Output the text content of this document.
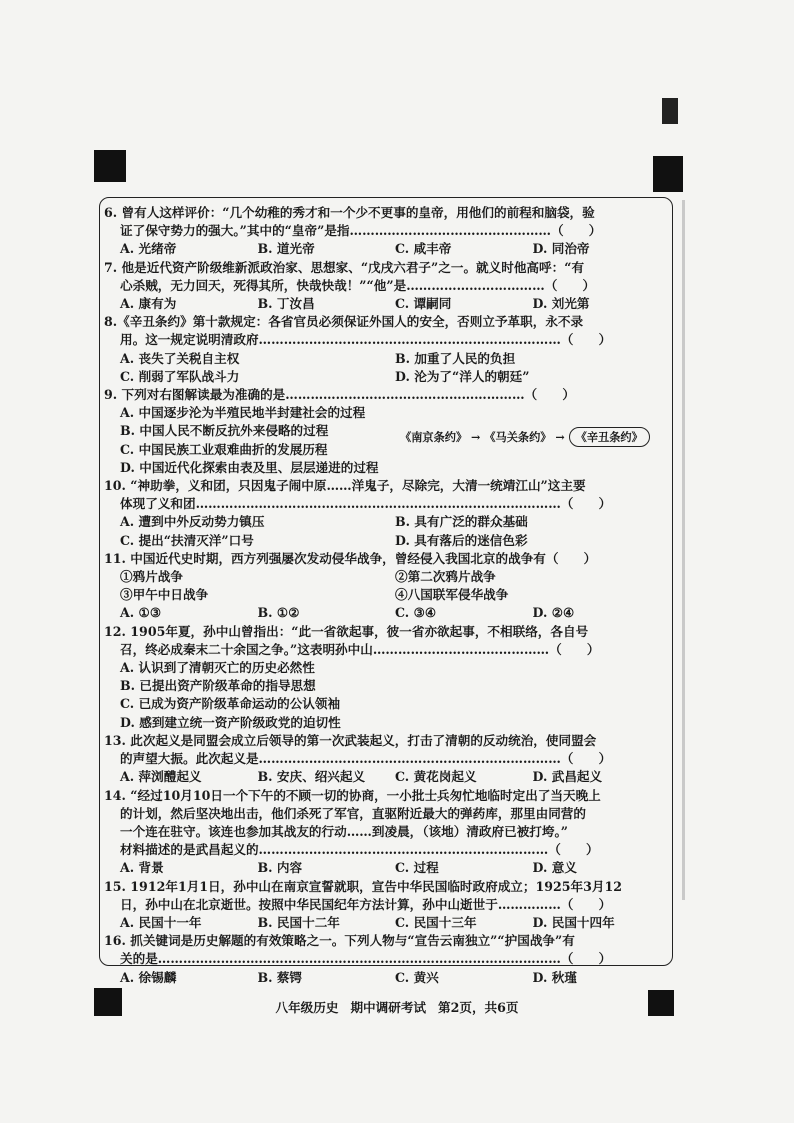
6. 曾有人这样评价：“几个幼稚的秀才和一个少不更事的皇帝，用他们的前程和脑袋，验
证了保守势力的强大。”其中的“皇帝”是指…………………………………………（　　）
A. 光绪帝	B. 道光帝	C. 咸丰帝	D. 同治帝
7. 他是近代资产阶级维新派政治家、思想家、“戊戌六君子”之一。就义时他高呼：“有
心杀贼，无力回天，死得其所，快哉快哉！”“他”是……………………………（　　）
A. 康有为	B. 丁汝昌	C. 谭嗣同	D. 刘光第
8.《辛丑条约》第十款规定：各省官员必须保证外国人的安全，否则立予革职，永不录
用。这一规定说明清政府………………………………………………………………（　　）
A. 丧失了关税自主权	B. 加重了人民的负担
C. 削弱了军队战斗力	D. 沦为了“洋人的朝廷”
9. 下列对右图解读最为准确的是…………………………………………………（　　）
A. 中国逐步沦为半殖民地半封建社会的过程
B. 中国人民不断反抗外来侵略的过程
C. 中国民族工业艰难曲折的发展历程
D. 中国近代化探索由表及里、层层递进的过程
10. “神助拳，义和团，只因鬼子闹中原……洋鬼子，尽除完，大清一统靖江山”这主要
体现了义和团……………………………………………………………………………（　　）
A. 遭到中外反动势力镇压	B. 具有广泛的群众基础
C. 提出“扶清灭洋”口号	D. 具有落后的迷信色彩
11. 中国近代史时期，西方列强屡次发动侵华战争，曾经侵入我国北京的战争有（　　）
①鸦片战争	②第二次鸦片战争
③甲午中日战争	④八国联军侵华战争
A. ①③	B. ①②	C. ③④	D. ②④
12. 1905年夏，孙中山曾指出：“此一省欲起事，彼一省亦欲起事，不相联络，各自号
召，终必成秦末二十余国之争。”这表明孙中山……………………………………（　　）
A. 认识到了清朝灭亡的历史必然性
B. 已提出资产阶级革命的指导思想
C. 已成为资产阶级革命运动的公认领袖
D. 感到建立统一资产阶级政党的迫切性
13. 此次起义是同盟会成立后领导的第一次武装起义，打击了清朝的反动统治，使同盟会
的声望大振。此次起义是………………………………………………………………（　　）
A. 萍浏醴起义	B. 安庆、绍兴起义	C. 黄花岗起义	D. 武昌起义
14. “经过10月10日一个下午的不顾一切的协商，一小批士兵匆忙地临时定出了当天晚上
的计划，然后坚决地出击，他们杀死了军官，直驱附近最大的弹药库，那里由同营的
一个连在驻守。该连也参加其战友的行动……到凌晨，（该地）清政府已被打垮。”
材料描述的是武昌起义的……………………………………………………………（　　）
A. 背景	B. 内容	C. 过程	D. 意义
15. 1912年1月1日，孙中山在南京宣誓就职，宣告中华民国临时政府成立；1925年3月12
日，孙中山在北京逝世。按照中华民国纪年方法计算，孙中山逝世于……………（　　）
A. 民国十一年	B. 民国十二年	C. 民国十三年	D. 民国十四年
16. 抓关键词是历史解题的有效策略之一。下列人物与“宣告云南独立”“护国战争”有
关的是……………………………………………………………………………………（　　）
A. 徐锡麟	B. 蔡锷	C. 黄兴	D. 秋瑾
《南京条约》 → 《马关条约》 → 《辛丑条约》
八年级历史 期中调研考试 第2页，共6页
